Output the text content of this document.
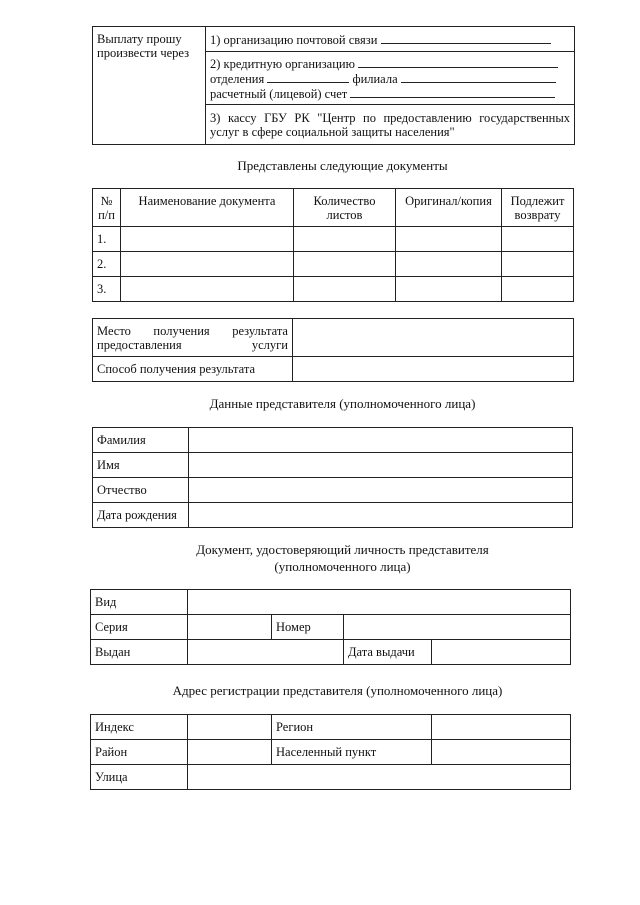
Выплату прошу произвести через	1) организацию почтовой связи

2) кредитную организацию
отделения	филиала
расчетный (лицевой) счет

3) кассу ГБУ РК "Центр по предоставлению государственных
услуг в сфере социальной защиты населения"
Представлены следующие документы
№ п/п	Наименование документа	Количество листов	Оригинал/копия	Подлежит возврату
1.				
2.				
3.				
Место получения результата предоставления услуги	
Способ получения результата	
Данные представителя (уполномоченного лица)
Фамилия	
Имя	
Отчество	
Дата рождения	
Документ, удостоверяющий личность представителя
(уполномоченного лица)
Вид				
Серия		Номер		
Выдан			Дата выдачи	
Адрес регистрации представителя (уполномоченного лица)
Индекс		Регион	
Район		Населенный пункт	
Улица			
